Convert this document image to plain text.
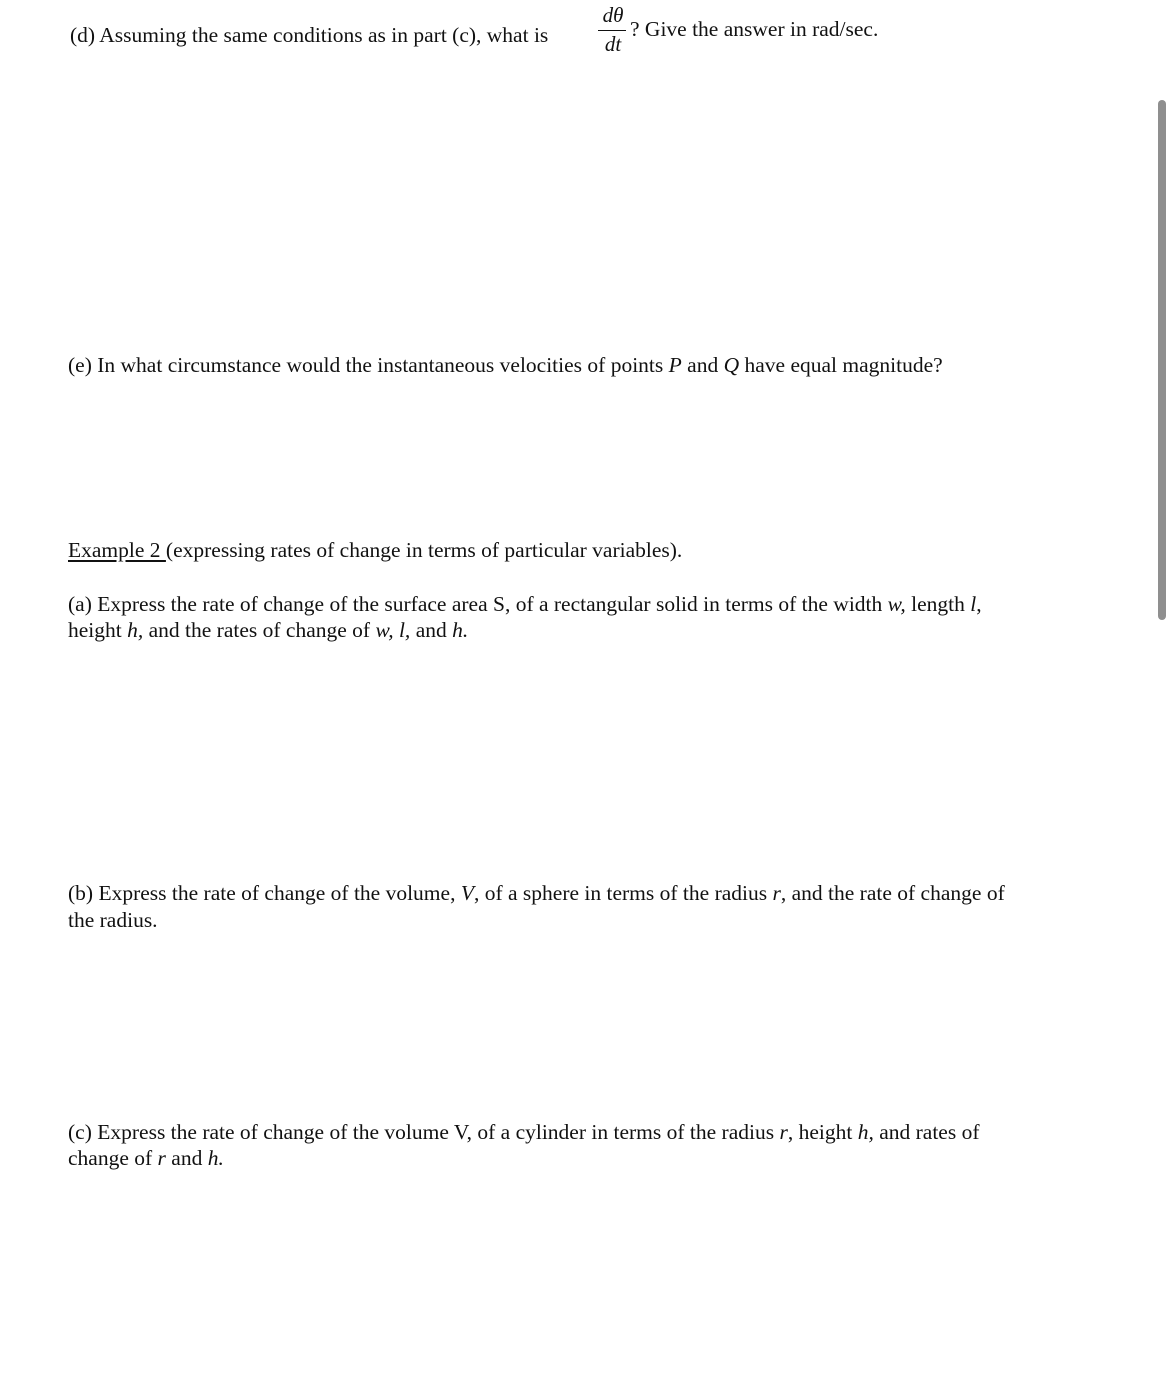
(d) Assuming the same conditions as in part (c), what is
dθ
dt
? Give the answer in rad/sec.
(e) In what circumstance would the instantaneous velocities of points P and Q have equal magnitude?
Example 2 (expressing rates of change in terms of particular variables).
(a) Express the rate of change of the surface area S, of a rectangular solid in terms of the width w, length l,
height h, and the rates of change of w, l, and h.
(b) Express the rate of change of the volume, V, of a sphere in terms of the radius r, and the rate of change of
the radius.
(c) Express the rate of change of the volume V, of a cylinder in terms of the radius r, height h, and rates of
change of r and h.
